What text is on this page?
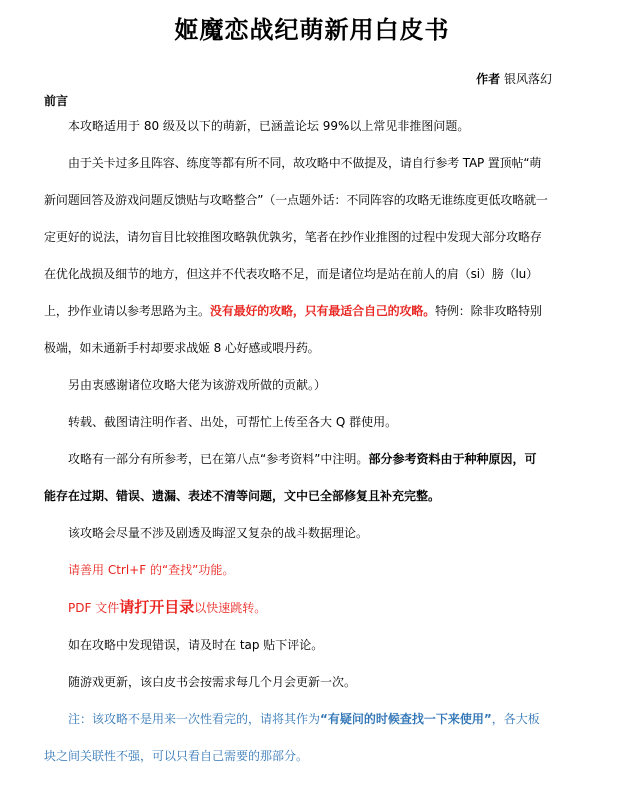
姬魔恋战纪萌新用白皮书
作者 银风落幻
前言

本攻略适用于 80 级及以下的萌新，已涵盖论坛 99%以上常见非推图问题。

由于关卡过多且阵容、练度等都有所不同，故攻略中不做提及，请自行参考 TAP 置顶帖“萌新问题回答及游戏问题反馈贴与攻略整合”（一点题外话：不同阵容的攻略无谁练度更低攻略就一定更好的说法，请勿盲目比较推图攻略孰优孰劣，笔者在抄作业推图的过程中发现大部分攻略存在优化战损及细节的地方，但这并不代表攻略不足，而是诸位均是站在前人的肩（si）膀（lu）上，抄作业请以参考思路为主。没有最好的攻略，只有最适合自己的攻略。特例：除非攻略特别极端，如未通新手村却要求战姬 8 心好感或喂丹药。

另由衷感谢诸位攻略大佬为该游戏所做的贡献。）

转载、截图请注明作者、出处，可帮忙上传至各大 Q 群使用。

攻略有一部分有所参考，已在第八点“参考资料”中注明。部分参考资料由于种种原因，可能存在过期、错误、遗漏、表述不清等问题，文中已全部修复且补充完整。

该攻略会尽量不涉及剧透及晦涩又复杂的战斗数据理论。

请善用 Ctrl+F 的“查找”功能。

PDF 文件请打开目录以快速跳转。

如在攻略中发现错误，请及时在 tap 贴下评论。

随游戏更新，该白皮书会按需求每几个月会更新一次。

注：该攻略不是用来一次性看完的，请将其作为“有疑问的时候查找一下来使用”，各大板块之间关联性不强，可以只看自己需要的那部分。
